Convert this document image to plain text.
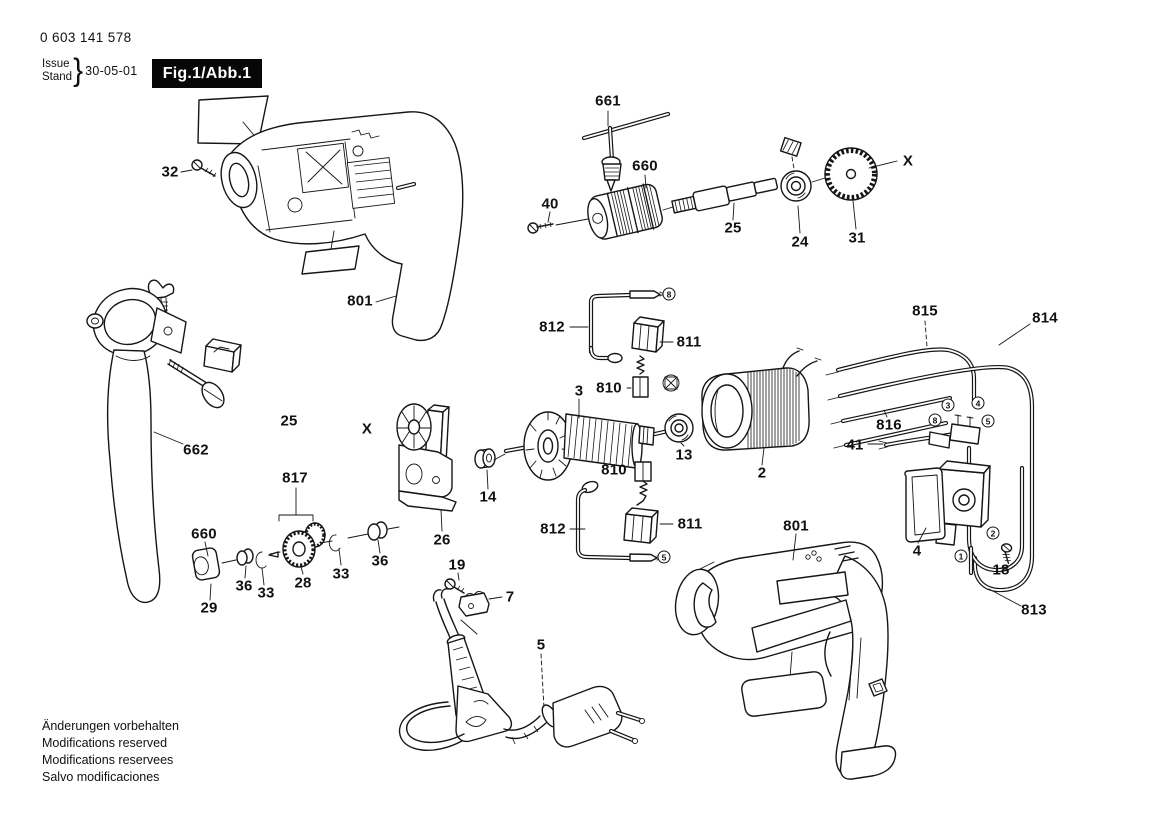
0 603 141 578
Issue
Stand} 30-05-01 Fig.1/Abb.1
32
661
660
40
25
24	31
X
801
812
811
810
3
815	814
662
25	X
817
13
2
816
41
660
14
26
810
812	811
4
18
801
36 33
28
33
36
29
19
7
5
813
8
5
3	4
8	5
2
1
Änderungen vorbehalten
Modifications reserved
Modifications reservees
Salvo modificaciones
